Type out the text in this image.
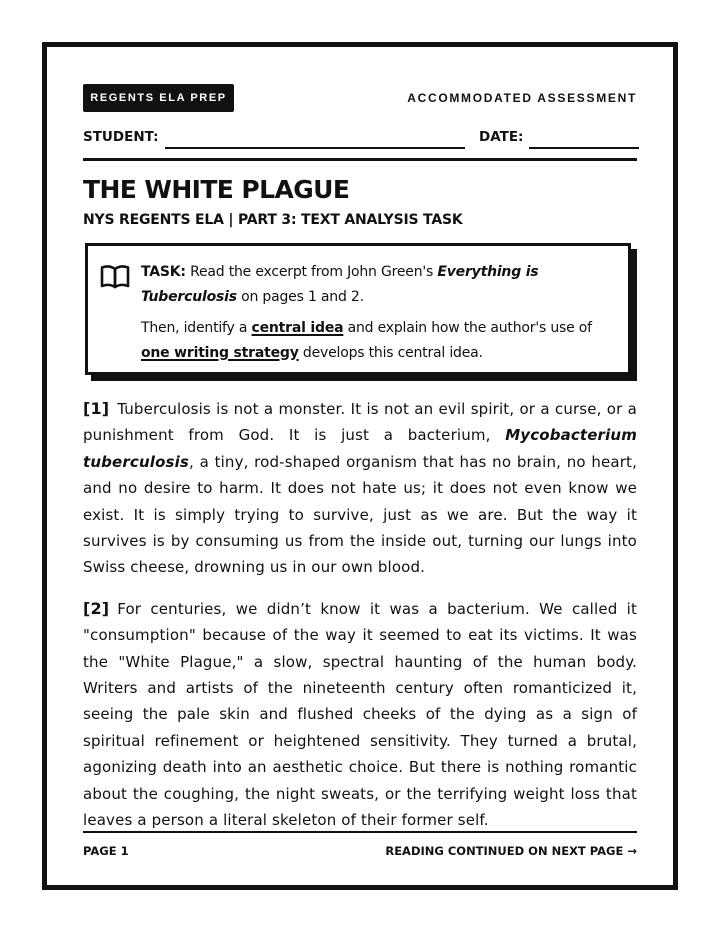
REGENTS ELA PREP	ACCOMMODATED ASSESSMENT
STUDENT:	DATE:
THE WHITE PLAGUE
NYS REGENTS ELA | PART 3: TEXT ANALYSIS TASK

TASK: Read the excerpt from John Green's Everything is Tuberculosis on pages 1 and 2.

Then, identify a central idea and explain how the author's use of one writing strategy develops this central idea.

[1] Tuberculosis is not a monster. It is not an evil spirit, or a curse, or a punishment from God. It is just a bacterium, Mycobacterium tuberculosis, a tiny, rod-shaped organism that has no brain, no heart, and no desire to harm. It does not hate us; it does not even know we exist. It is simply trying to survive, just as we are. But the way it survives is by consuming us from the inside out, turning our lungs into Swiss cheese, drowning us in our own blood.

[2] For centuries, we didn’t know it was a bacterium. We called it "consumption" because of the way it seemed to eat its victims. It was the "White Plague," a slow, spectral haunting of the human body. Writers and artists of the nineteenth century often romanticized it, seeing the pale skin and flushed cheeks of the dying as a sign of spiritual refinement or heightened sensitivity. They turned a brutal, agonizing death into an aesthetic choice. But there is nothing romantic about the coughing, the night sweats, or the terrifying weight loss that leaves a person a literal skeleton of their former self.

PAGE 1	READING CONTINUED ON NEXT PAGE →
